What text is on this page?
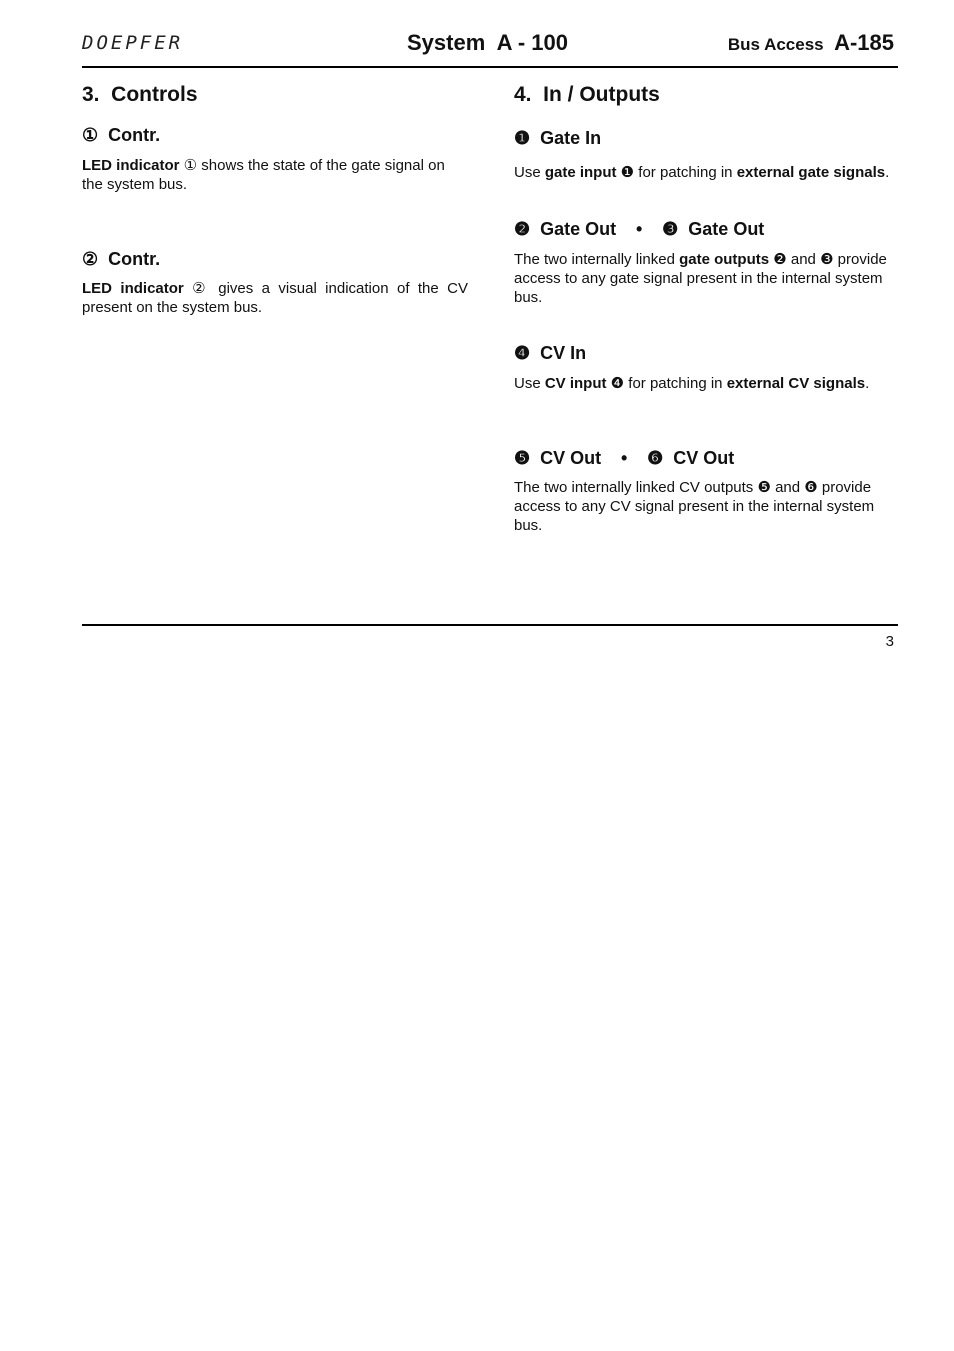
DOEPFER	System  A - 100	Bus Access A-185
3.  Controls
①  Contr.

LED indicator ① shows the state of the gate signal on the system bus.

②  Contr.

LED indicator ② gives a visual indication of the CV present on the system bus.

4.  In / Outputs
❶  Gate In

Use gate input ❶ for patching in external gate signals.

❷  Gate Out • ❸  Gate Out

The two internally linked gate outputs ❷ and ❸ provide access to any gate signal present in the internal system bus.

❹  CV In

Use CV input ❹ for patching in external CV signals.

❺  CV Out • ❻  CV Out

The two internally linked CV outputs ❺ and ❻ provide access to any CV signal present in the internal system bus.

3
